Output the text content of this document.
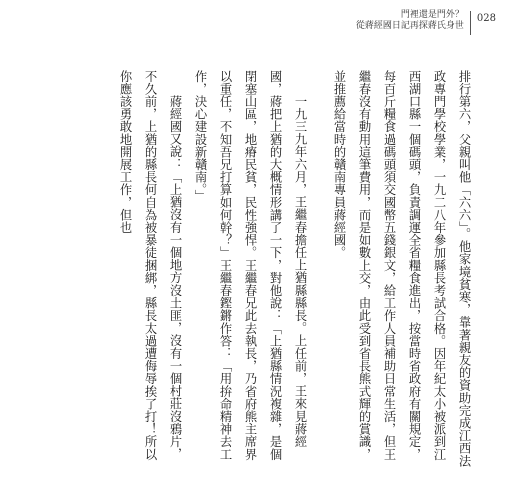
門裡還是門外？
從蔣經國日記再探蔣氏身世
028

排行第六，父親叫他「六六」。他家境貧寒，靠著親友的資助完成江西法政專門學校學業，一九二八年參加縣長考試合格。因年紀太小被派到江西湖口縣一個碼頭，負責調運全省糧食進出，按當時省政府有關規定，每百斤糧食過碼頭須交國幣五錢銀文，給工作人員補助日常生活，但王繼春沒有動用這筆費用，而是如數上交，由此受到省長熊式輝的賞識，並推薦給當時的贛南專員蔣經國。

一九三九年六月，王繼春擔任上猶縣縣長。上任前，王來見蔣經國，蔣把上猶的大概情形講了一下，對他說：「上猶縣情況複雜，是個閉塞山區，地瘠民貧，民性強悍。王繼春兄此去執長，乃省府熊主席界以重任，不知吾兄打算如何幹？」王繼春鏗鏘作答：「用拚命精神去工作，決心建設新贛南。」

蔣經國又說：「上猶沒有一個地方沒土匪，沒有一個村莊沒鴉片，不久前，上猶的縣長何自為被暴徒捆綁，縣長太過遭侮辱挨了打！所以你應該勇敢地開展工作，但也
